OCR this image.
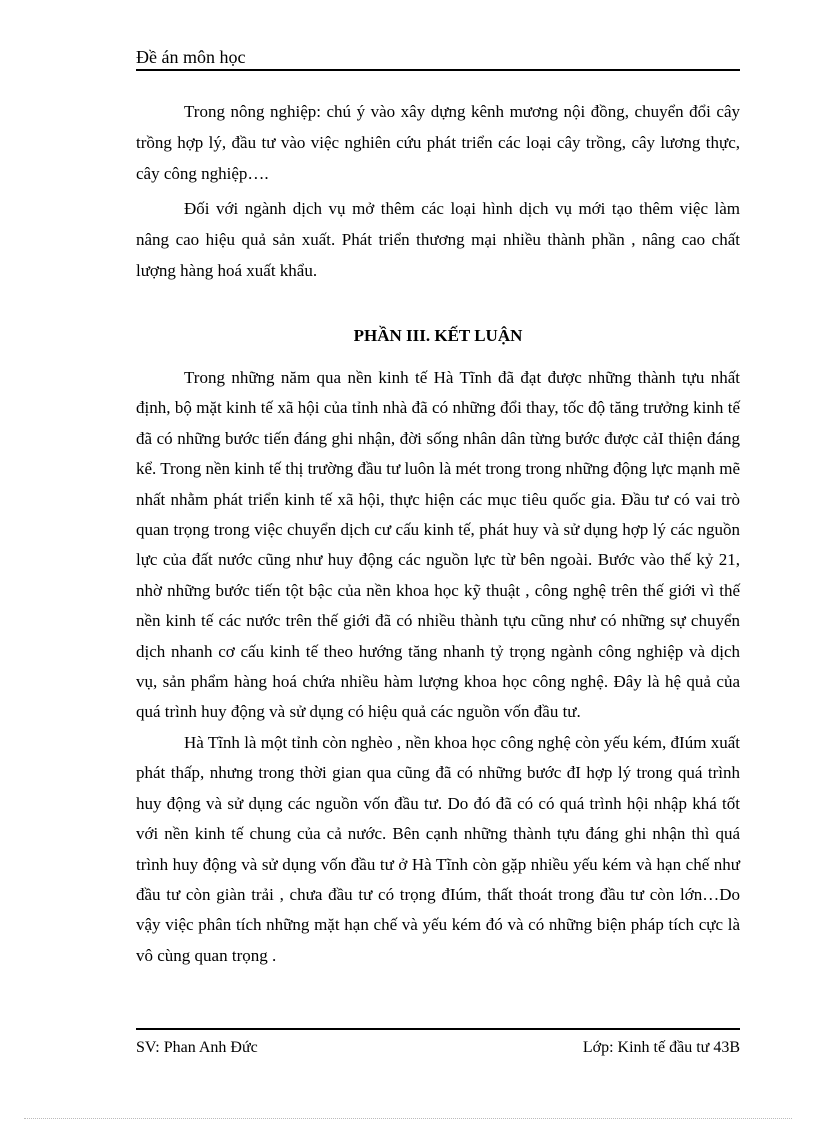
Đề án môn học

Trong nông nghiệp: chú ý vào xây dựng kênh mương nội đồng, chuyển đổi cây trồng hợp lý, đầu tư vào việc nghiên cứu phát triển các loại cây trồng, cây lương thực, cây công nghiệp….

Đối với ngành dịch vụ mở thêm các loại hình dịch vụ mới tạo thêm việc làm nâng cao hiệu quả sản xuất. Phát triển thương mại nhiều thành phần , nâng cao chất lượng hàng hoá xuất khẩu.

PHẦN III. KẾT LUẬN

Trong những năm qua nền kinh tế Hà Tĩnh đã đạt được những thành tựu nhất định, bộ mặt kinh tế xã hội của tỉnh nhà đã có những đổi thay, tốc độ tăng trưởng kinh tế đã có những bước tiến đáng ghi nhận, đời sống nhân dân từng bước được cảI thiện đáng kể. Trong nền kinh tế thị trường đầu tư luôn là mét trong trong những động lực mạnh mẽ nhất nhằm phát triển kinh tế xã hội, thực hiện các mục tiêu quốc gia. Đầu tư có vai trò quan trọng trong việc chuyển dịch cư cấu kinh tế, phát huy và sử dụng hợp lý các nguồn lực của đất nước cũng như huy động các nguồn lực từ bên ngoài. Bước vào thế kỷ 21, nhờ những bước tiến tột bậc của nền khoa học kỹ thuật , công nghệ trên thế giới vì thế nền kinh tế các nước trên thế giới đã có nhiều thành tựu cũng như có những sự chuyển dịch nhanh cơ cấu kinh tế theo hướng tăng nhanh tỷ trọng ngành công nghiệp và dịch vụ, sản phẩm hàng hoá chứa nhiều hàm lượng khoa học công nghệ. Đây là hệ quả của quá trình huy động và sử dụng có hiệu quả các nguồn vốn đầu tư.

Hà Tĩnh là một tỉnh còn nghèo , nền khoa học công nghệ còn yếu kém, đIúm xuất phát thấp, nhưng trong thời gian qua cũng đã có những bước đI hợp lý trong quá trình huy động và sử dụng các nguồn vốn đầu tư. Do đó đã có có quá trình hội nhập khá tốt với nền kinh tế chung của cả nước. Bên cạnh những thành tựu đáng ghi nhận thì quá trình huy động và sử dụng vốn đầu tư ở Hà Tĩnh còn gặp nhiều yếu kém và hạn chế như đầu tư còn giàn trải , chưa đầu tư có trọng đIúm, thất thoát trong đầu tư còn lớn…Do vậy việc phân tích những mặt hạn chế và yếu kém đó và có những biện pháp tích cực là vô cùng quan trọng .

SV: Phan Anh Đức	Lớp: Kinh tế đầu tư 43B
